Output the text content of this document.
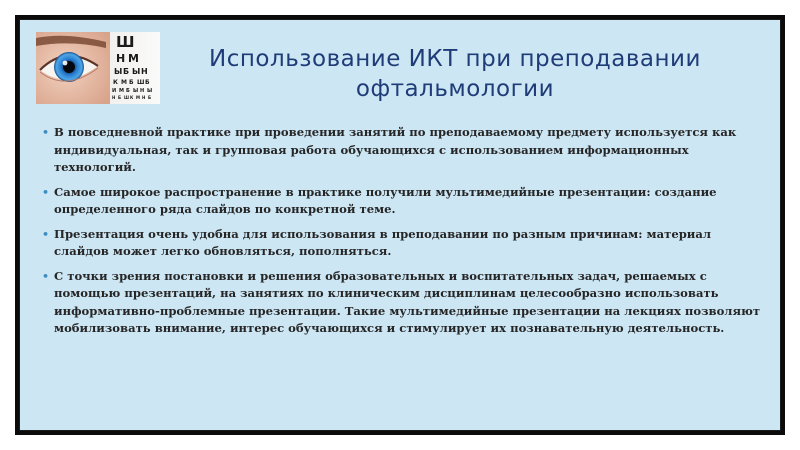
Ш
Н М
Ы Б Ы Н
К М Б Ш Б
И М Б Ы Н Ы
Н Б Ш К М Н Б
Использование ИКТ при преподавании офтальмологии
• В повседневной практике при проведении занятий по преподаваемому предмету используется как индивидуальная, так и групповая работа обучающихся с использованием информационных технологий.
• Самое широкое распространение в практике получили мультимедийные презентации: создание определенного ряда слайдов по конкретной теме.
• Презентация очень удобна для использования в преподавании по разным причинам: материал слайдов может легко обновляться, пополняться.
• С точки зрения постановки и решения образовательных и воспитательных задач, решаемых с помощью презентаций, на занятиях по клиническим дисциплинам целесообразно использовать информативно-проблемные презентации. Такие мультимедийные презентации на лекциях позволяют мобилизовать внимание, интерес обучающихся и стимулирует их познавательную деятельность.
